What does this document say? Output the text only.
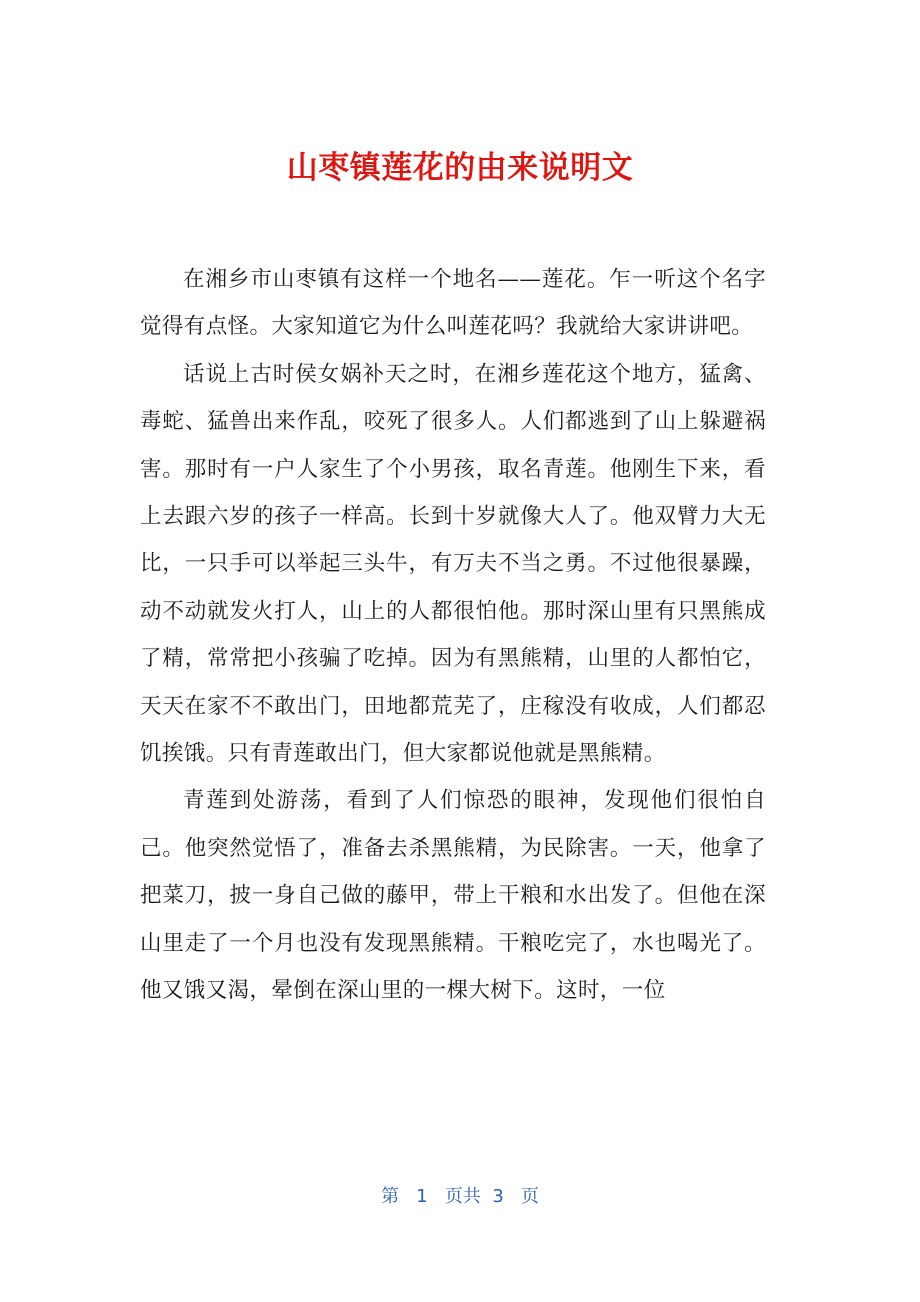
山枣镇莲花的由来说明文

在湘乡市山枣镇有这样一个地名——莲花。乍一听这个名字觉得有点怪。大家知道它为什么叫莲花吗？我就给大家讲讲吧。

话说上古时侯女娲补天之时，在湘乡莲花这个地方，猛禽、毒蛇、猛兽出来作乱，咬死了很多人。人们都逃到了山上躲避祸害。那时有一户人家生了个小男孩，取名青莲。他刚生下来，看上去跟六岁的孩子一样高。长到十岁就像大人了。他双臂力大无比，一只手可以举起三头牛，有万夫不当之勇。不过他很暴躁，动不动就发火打人，山上的人都很怕他。那时深山里有只黑熊成了精，常常把小孩骗了吃掉。因为有黑熊精，山里的人都怕它，天天在家不不敢出门，田地都荒芜了，庄稼没有收成，人们都忍饥挨饿。只有青莲敢出门，但大家都说他就是黑熊精。

青莲到处游荡，看到了人们惊恐的眼神，发现他们很怕自己。他突然觉悟了，准备去杀黑熊精，为民除害。一天，他拿了把菜刀，披一身自己做的藤甲，带上干粮和水出发了。但他在深山里走了一个月也没有发现黑熊精。干粮吃完了，水也喝光了。他又饿又渴，晕倒在深山里的一棵大树下。这时，一位

第 1 页共 3 页
